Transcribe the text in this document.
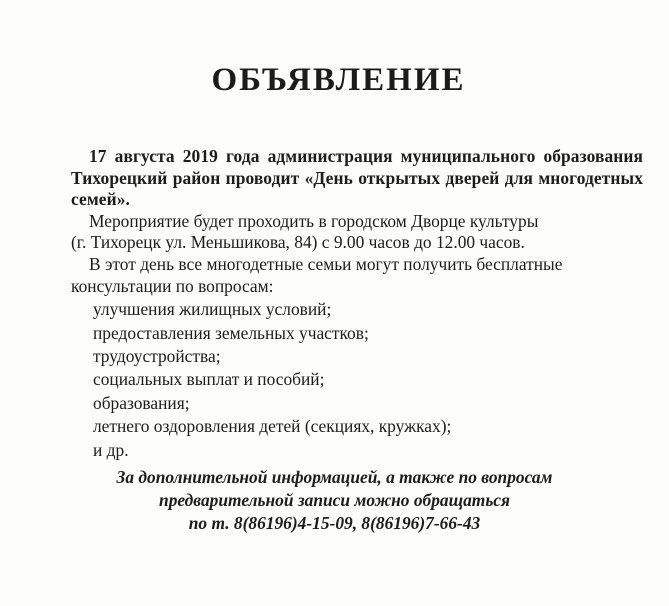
ОБЪЯВЛЕНИЕ

17 августа 2019 года администрация муниципального образования Тихорецкий район проводит «День открытых дверей для многодетных семей».

Мероприятие будет проходить в городском Дворце культуры

(г. Тихорецк ул. Меньшикова, 84) с 9.00 часов до 12.00 часов.

В этот день все многодетные семьи могут получить бесплатные

консультации по вопросам:

улучшения жилищных условий;
предоставления земельных участков;
трудоустройства;
социальных выплат и пособий;
образования;
летнего оздоровления детей (секциях, кружках);
и др.
За дополнительной информацией, а также по вопросам
предварительной записи можно обращаться
по т. 8(86196)4-15-09, 8(86196)7-66-43
